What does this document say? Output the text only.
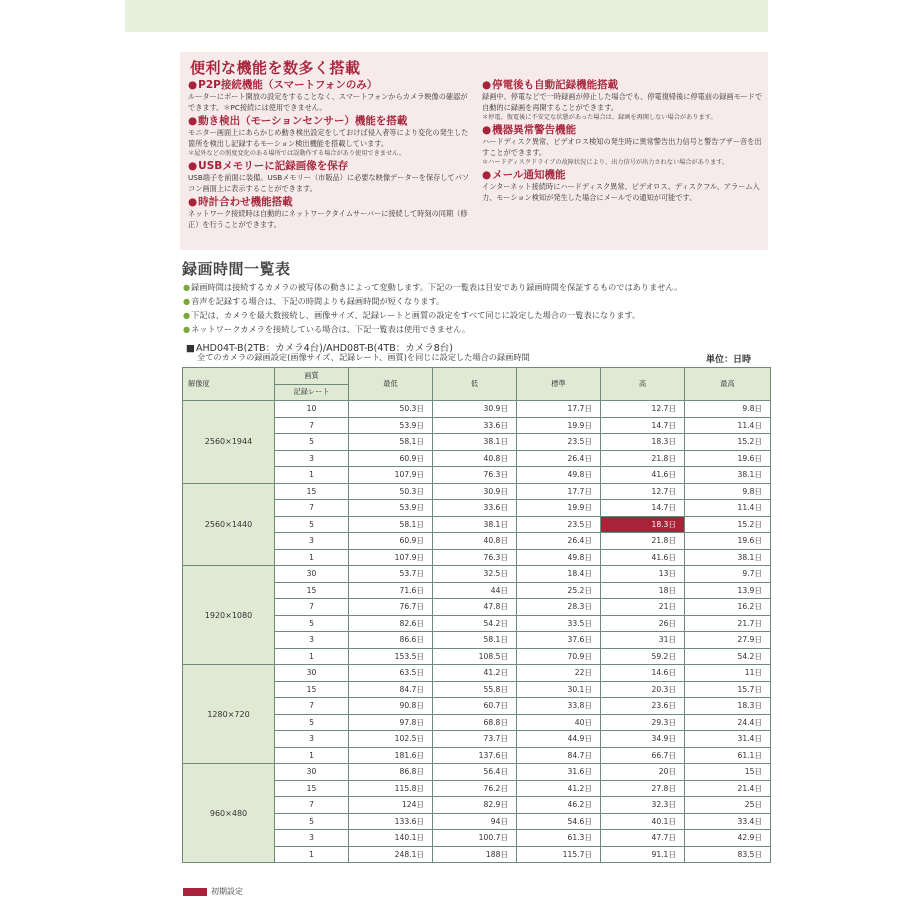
便利な機能を数多く搭載
● P2P接続機能（スマートフォンのみ）
ルーターにポート開放の設定をすることなく、スマートフォンからカメラ映像の確認ができます。＊PC接続には使用できません。
● 動き検出（モーションセンサー）機能を搭載
モニター画面上にあらかじめ動き検出設定をしておけば侵入者等により変化の発生した箇所を検出し記録するモーション検出機能を搭載しています。
＊屋外などの照度変化のある場所では誤動作する場合があり使用できません。
● USBメモリーに記録画像を保存
USB端子を前面に装備。USBメモリー（市販品）に必要な映像データーを保存してパソコン画面上に表示することができます。
● 時計合わせ機能搭載
ネットワーク接続時は自動的にネットワークタイムサーバーに接続して時刻の同期（修正）を行うことができます。
● 停電後も自動記録機能搭載
録画中、停電などで一時録画が停止した場合でも、停電復帰後に停電前の録画モードで自動的に録画を再開することができます。
＊停電、復電後に不安定な状態があった場合は、録画を再開しない場合があります。
● 機器異常警告機能
ハードディスク異常、ビデオロス検知の発生時に異常警告出力信号と警告ブザー音を出すことができます。
＊ハードディスクドライブの故障状況により、出力信号が出力されない場合があります。
● メール通知機能
インターネット接続時にハードディスク異常、ビデオロス、ディスクフル、アラーム入力、モーション検知が発生した場合にメールでの通知が可能です。
録画時間一覧表
● 録画時間は接続するカメラの被写体の動きによって変動します。下記の一覧表は目安であり録画時間を保証するものではありません。
● 音声を記録する場合は、下記の時間よりも録画時間が短くなります。
● 下記は、カメラを最大数接続し、画像サイズ、記録レートと画質の設定をすべて同じに設定した場合の一覧表になります。
● ネットワークカメラを接続している場合は、下記一覧表は使用できません。
■ AHD04T-B(2TB：カメラ4台)/AHD08T-B(4TB：カメラ8台)
全てのカメラの録画設定(画像サイズ、記録レート、画質)を同じに設定した場合の録画時間	単位：日時
解像度	画質	最低	低	標準	高	最高
	記録レート					
2560×1944	10	50.3日	30.9日	17.7日	12.7日	9.8日
	7	53.9日	33.6日	19.9日	14.7日	11.4日
	5	58.1日	38.1日	23.5日	18.3日	15.2日
	3	60.9日	40.8日	26.4日	21.8日	19.6日
	1	107.9日	76.3日	49.8日	41.6日	38.1日
2560×1440	15	50.3日	30.9日	17.7日	12.7日	9.8日
	7	53.9日	33.6日	19.9日	14.7日	11.4日
	5	58.1日	38.1日	23.5日	18.3日	15.2日
	3	60.9日	40.8日	26.4日	21.8日	19.6日
	1	107.9日	76.3日	49.8日	41.6日	38.1日
1920×1080	30	53.7日	32.5日	18.4日	13日	9.7日
	15	71.6日	44日	25.2日	18日	13.9日
	7	76.7日	47.8日	28.3日	21日	16.2日
	5	82.6日	54.2日	33.5日	26日	21.7日
	3	86.6日	58.1日	37.6日	31日	27.9日
	1	153.5日	108.5日	70.9日	59.2日	54.2日
1280×720	30	63.5日	41.2日	22日	14.6日	11日
	15	84.7日	55.8日	30.1日	20.3日	15.7日
	7	90.8日	60.7日	33.8日	23.6日	18.3日
	5	97.8日	68.8日	40日	29.3日	24.4日
	3	102.5日	73.7日	44.9日	34.9日	31.4日
	1	181.6日	137.6日	84.7日	66.7日	61.1日
960×480	30	86.8日	56.4日	31.6日	20日	15日
	15	115.8日	76.2日	41.2日	27.8日	21.4日
	7	124日	82.9日	46.2日	32.3日	25日
	5	133.6日	94日	54.6日	40.1日	33.4日
	3	140.1日	100.7日	61.3日	47.7日	42.9日
	1	248.1日	188日	115.7日	91.1日	83.5日
初期設定
